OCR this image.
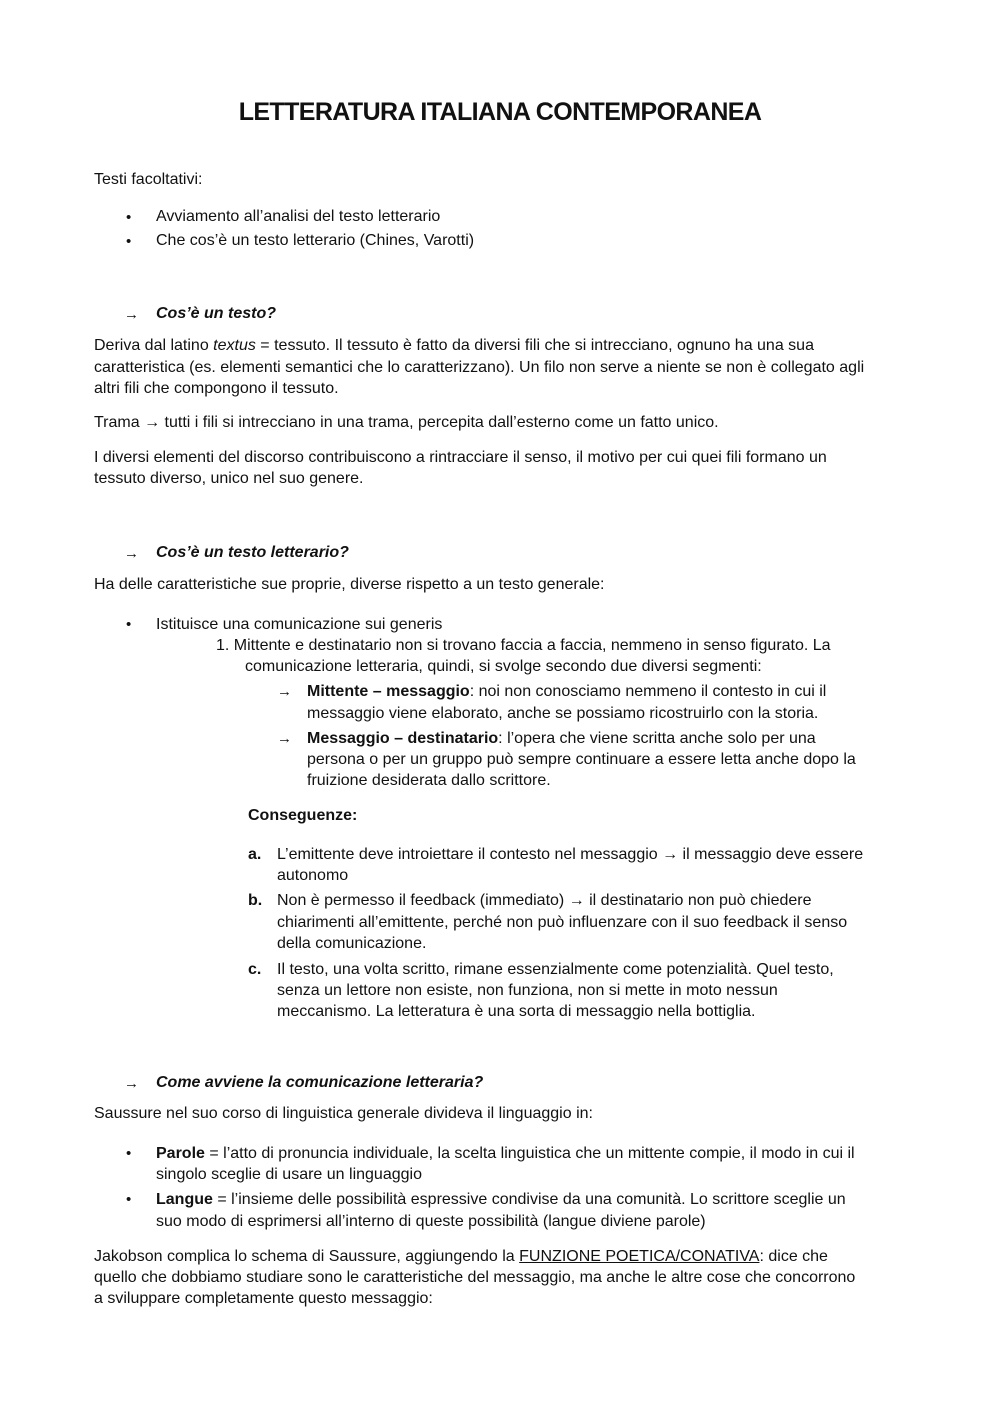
LETTERATURA ITALIANA CONTEMPORANEA
Testi facoltativi:
• Avviamento all’analisi del testo letterario
• Che cos’è un testo letterario (Chines, Varotti)
→ Cos’è un testo?
Deriva dal latino textus = tessuto. Il tessuto è fatto da diversi fili che si intrecciano, ognuno ha una sua
caratteristica (es. elementi semantici che lo caratterizzano). Un filo non serve a niente se non è collegato agli
altri fili che compongono il tessuto.
Trama → tutti i fili si intrecciano in una trama, percepita dall’esterno come un fatto unico.
I diversi elementi del discorso contribuiscono a rintracciare il senso, il motivo per cui quei fili formano un
tessuto diverso, unico nel suo genere.
→ Cos’è un testo letterario?
Ha delle caratteristiche sue proprie, diverse rispetto a un testo generale:
• Istituisce una comunicazione sui generis
1. Mittente e destinatario non si trovano faccia a faccia, nemmeno in senso figurato. La
comunicazione letteraria, quindi, si svolge secondo due diversi segmenti:
→ Mittente – messaggio: noi non conosciamo nemmeno il contesto in cui il
messaggio viene elaborato, anche se possiamo ricostruirlo con la storia.
→ Messaggio – destinatario: l’opera che viene scritta anche solo per una
persona o per un gruppo può sempre continuare a essere letta anche dopo la
fruizione desiderata dallo scrittore.
Conseguenze:
a. L’emittente deve introiettare il contesto nel messaggio → il messaggio deve essere
autonomo
b. Non è permesso il feedback (immediato) → il destinatario non può chiedere
chiarimenti all’emittente, perché non può influenzare con il suo feedback il senso
della comunicazione.
c. Il testo, una volta scritto, rimane essenzialmente come potenzialità. Quel testo,
senza un lettore non esiste, non funziona, non si mette in moto nessun
meccanismo. La letteratura è una sorta di messaggio nella bottiglia.
→ Come avviene la comunicazione letteraria?
Saussure nel suo corso di linguistica generale divideva il linguaggio in:
• Parole = l’atto di pronuncia individuale, la scelta linguistica che un mittente compie, il modo in cui il
singolo sceglie di usare un linguaggio
• Langue = l’insieme delle possibilità espressive condivise da una comunità. Lo scrittore sceglie un
suo modo di esprimersi all’interno di queste possibilità (langue diviene parole)
Jakobson complica lo schema di Saussure, aggiungendo la FUNZIONE POETICA/CONATIVA: dice che
quello che dobbiamo studiare sono le caratteristiche del messaggio, ma anche le altre cose che concorrono
a sviluppare completamente questo messaggio:
